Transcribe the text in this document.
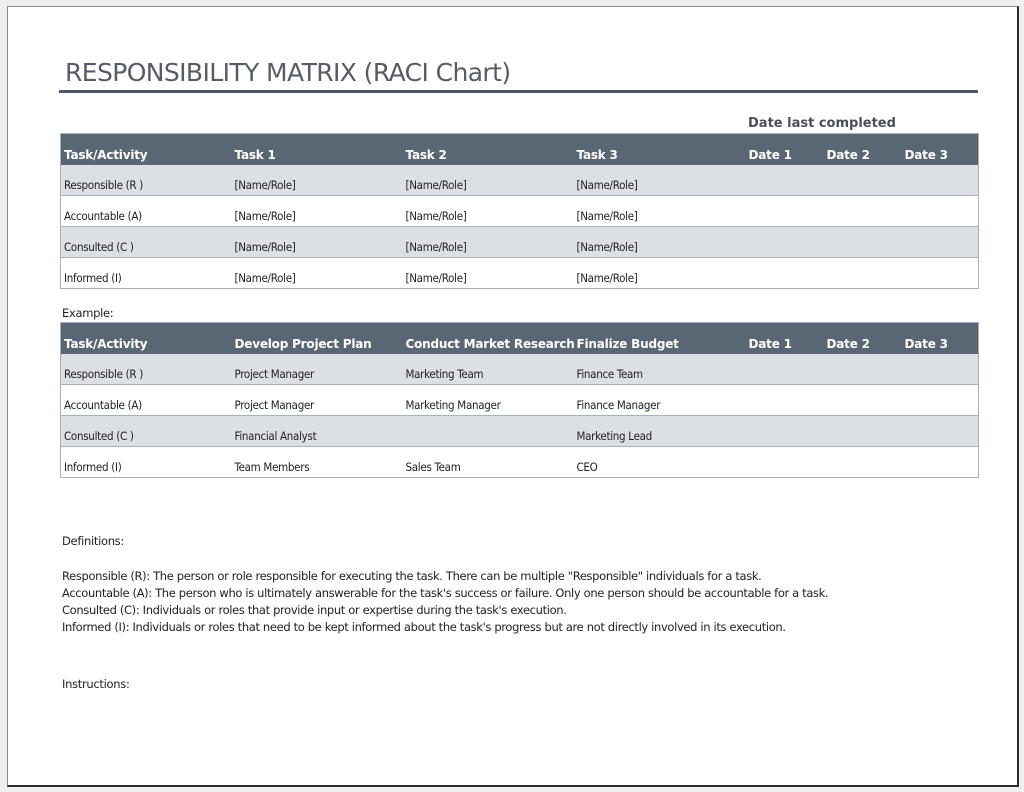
RESPONSIBILITY MATRIX (RACI Chart)
Date last completed
Task/Activity	Task 1	Task 2	Task 3	Date 1	Date 2	Date 3
Responsible (R )	[Name/Role]	[Name/Role]	[Name/Role]			
Accountable (A)	[Name/Role]	[Name/Role]	[Name/Role]			
Consulted (C )	[Name/Role]	[Name/Role]	[Name/Role]			
Informed (I)	[Name/Role]	[Name/Role]	[Name/Role]			
Example:
Task/Activity	Develop Project Plan	Conduct Market Research	Finalize Budget	Date 1	Date 2	Date 3
Responsible (R )	Project Manager	Marketing Team	Finance Team			
Accountable (A)	Project Manager	Marketing Manager	Finance Manager			
Consulted (C )	Financial Analyst		Marketing Lead			
Informed (I)	Team Members	Sales Team	CEO			
Definitions:
Responsible (R): The person or role responsible for executing the task. There can be multiple "Responsible" individuals for a task.
Accountable (A): The person who is ultimately answerable for the task's success or failure. Only one person should be accountable for a task.
Consulted (C): Individuals or roles that provide input or expertise during the task's execution.
Informed (I): Individuals or roles that need to be kept informed about the task's progress but are not directly involved in its execution.
Instructions:
